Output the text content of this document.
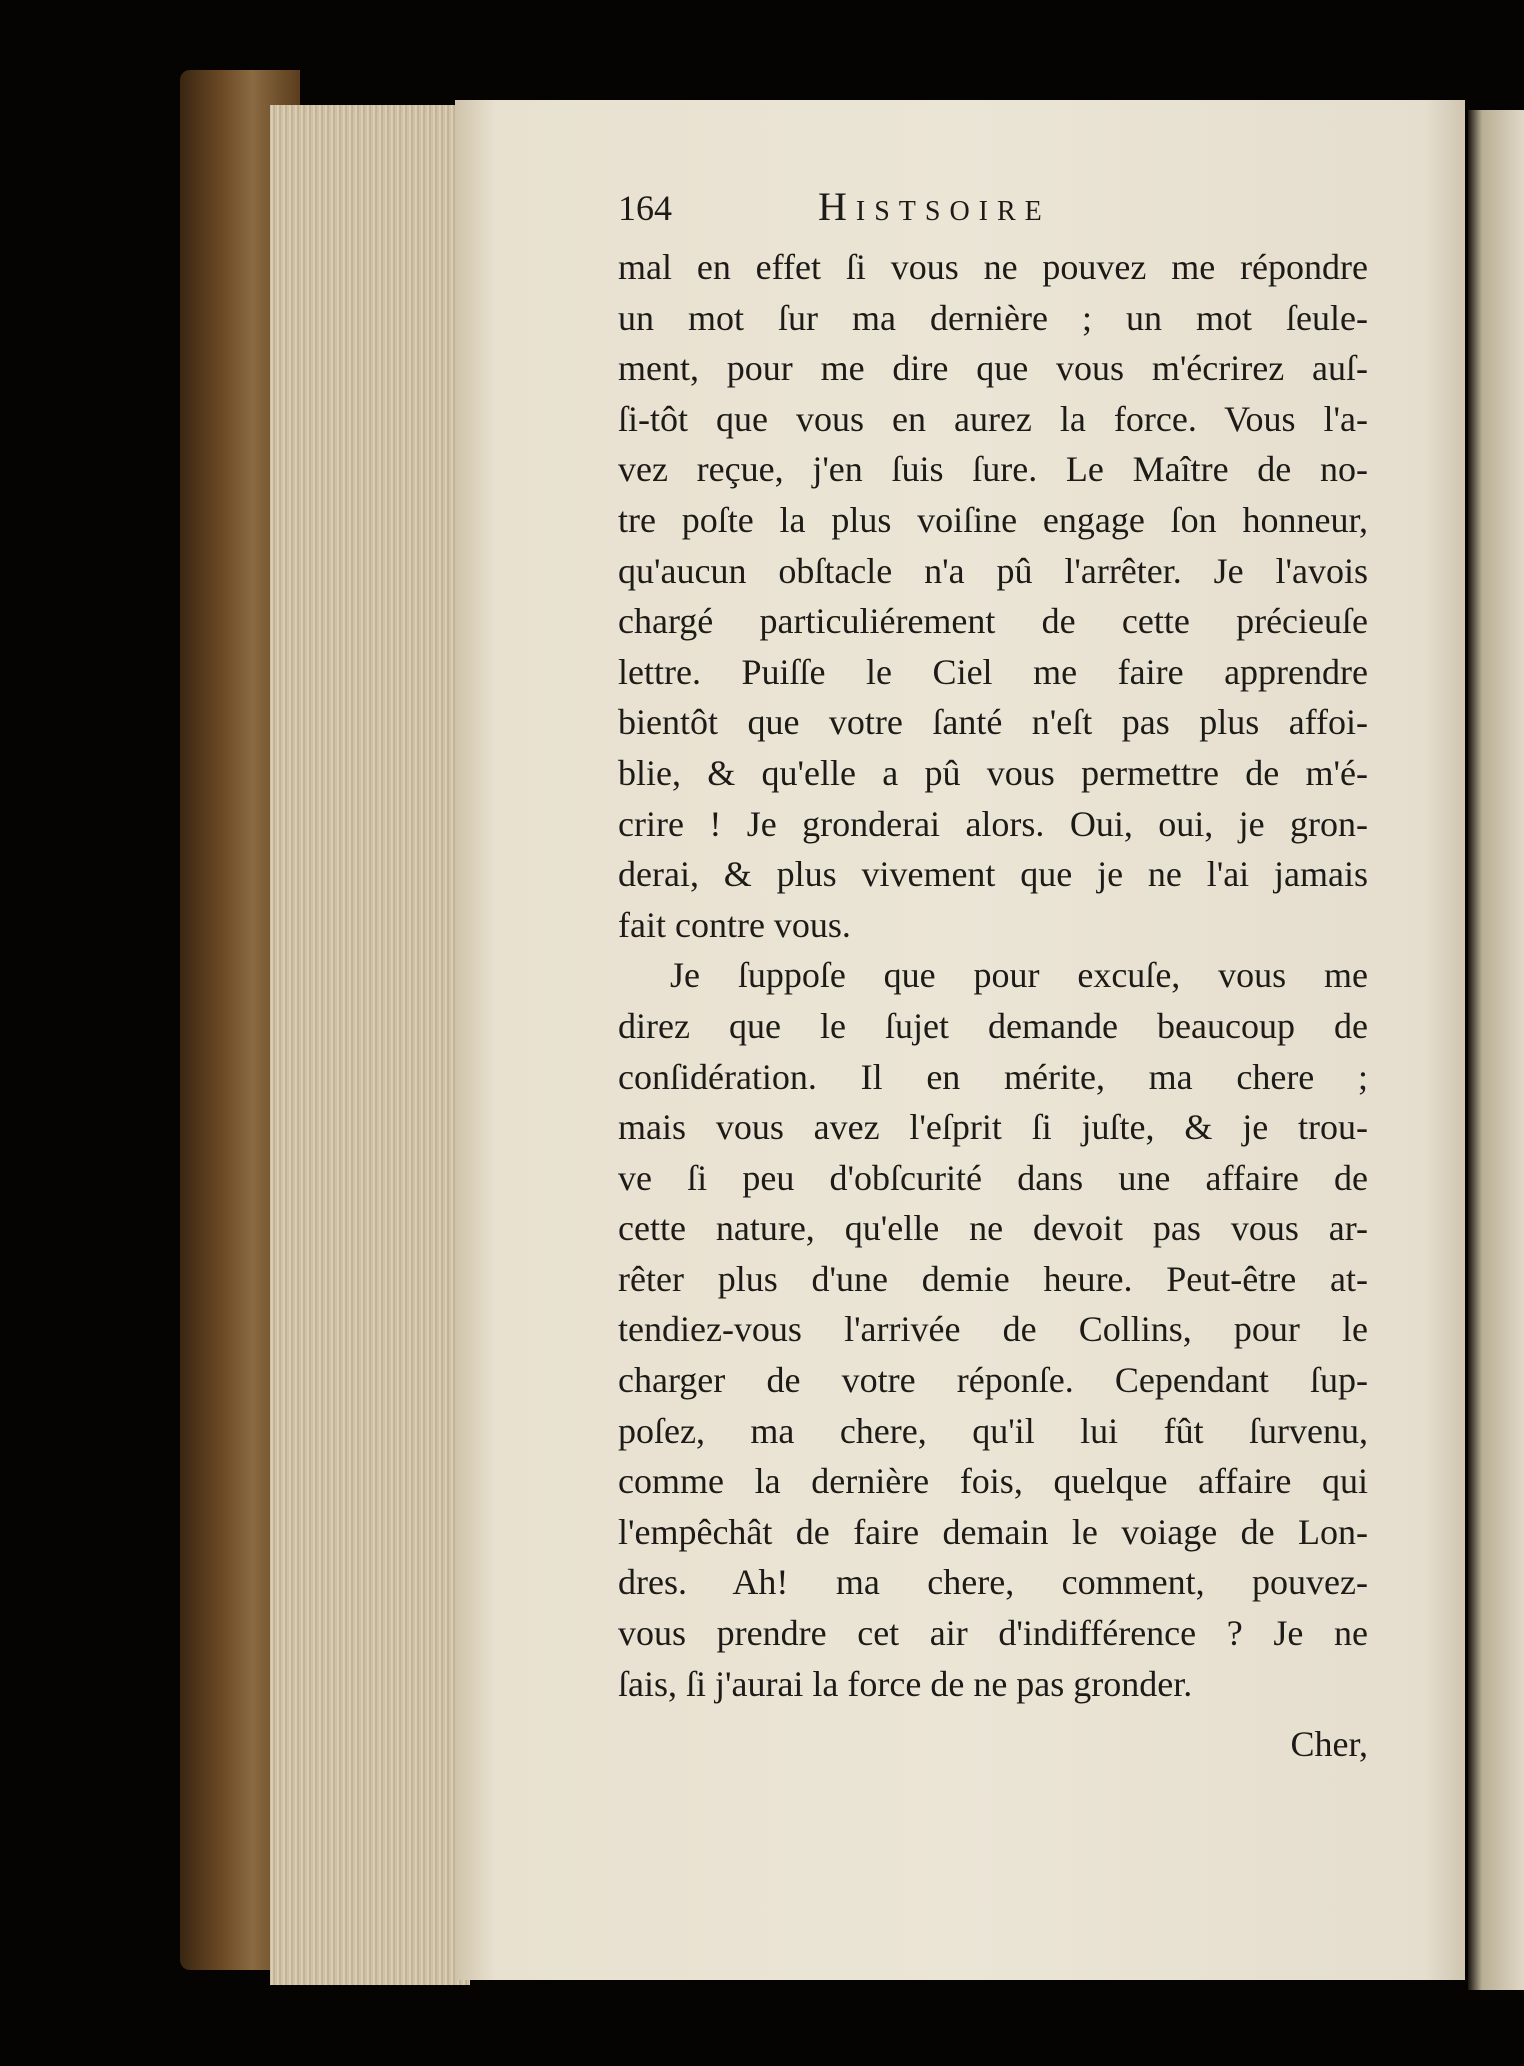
164	Histsoire
mal en effet ſi vous ne pouvez me répondre
un mot ſur ma dernière ; un mot ſeule-
ment, pour me dire que vous m'écrirez auſ-
ſi-tôt que vous en aurez la force. Vous l'a-
vez reçue, j'en ſuis ſure. Le Maître de no-
tre poſte la plus voiſine engage ſon honneur,
qu'aucun obſtacle n'a pû l'arrêter. Je l'avois
chargé particuliérement de cette précieuſe
lettre. Puiſſe le Ciel me faire apprendre
bientôt que votre ſanté n'eſt pas plus affoi-
blie, & qu'elle a pû vous permettre de m'é-
crire ! Je gronderai alors. Oui, oui, je gron-
derai, & plus vivement que je ne l'ai jamais
fait contre vous.
Je ſuppoſe que pour excuſe, vous me
direz que le ſujet demande beaucoup de
conſidération. Il en mérite, ma chere ;
mais vous avez l'eſprit ſi juſte, & je trou-
ve ſi peu d'obſcurité dans une affaire de
cette nature, qu'elle ne devoit pas vous ar-
rêter plus d'une demie heure. Peut-être at-
tendiez-vous l'arrivée de Collins, pour le
charger de votre réponſe. Cependant ſup-
poſez, ma chere, qu'il lui fût ſurvenu,
comme la dernière fois, quelque affaire qui
l'empêchât de faire demain le voiage de Lon-
dres. Ah! ma chere, comment, pouvez-
vous prendre cet air d'indifférence ? Je ne
ſais, ſi j'aurai la force de ne pas gronder.
Cher,
